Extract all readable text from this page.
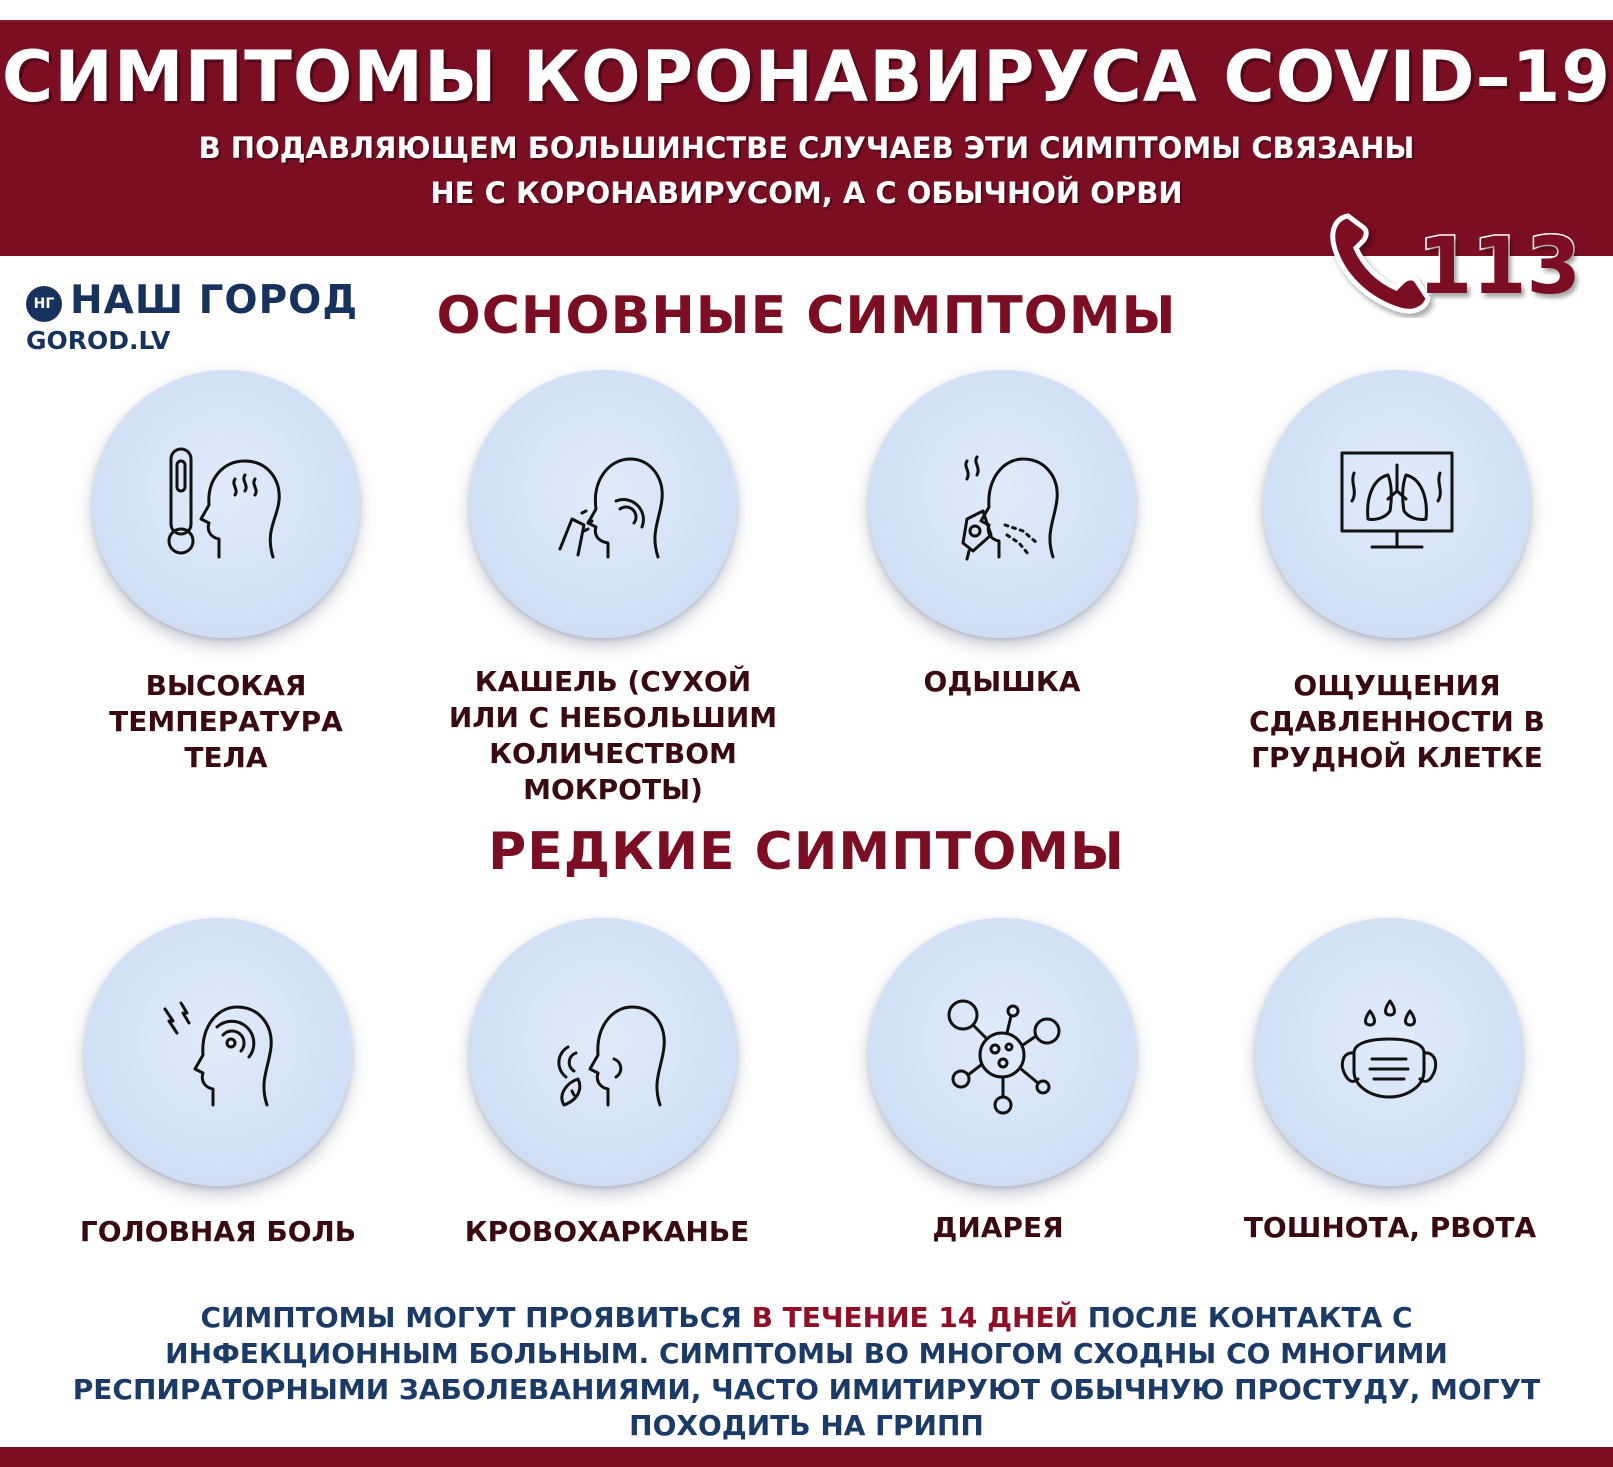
СИМПТОМЫ КОРОНАВИРУСА COVID–19
В ПОДАВЛЯЮЩЕМ БОЛЬШИНСТВЕ СЛУЧАЕВ ЭТИ СИМПТОМЫ СВЯЗАНЫ
НЕ С КОРОНАВИРУСОМ, А С ОБЫЧНОЙ ОРВИ
113
НГ НАШ ГОРОД
GOROD.LV	ОСНОВНЫЕ СИМПТОМЫ
ВЫСОКАЯ
ТЕМПЕРАТУРА
ТЕЛА
КАШЕЛЬ (СУХОЙ
ИЛИ С НЕБОЛЬШИМ
КОЛИЧЕСТВОМ МОКРОТЫ)
ОДЫШКА	ОЩУЩЕНИЯ
СДАВЛЕННОСТИ В
ГРУДНОЙ КЛЕТКЕ
РЕДКИЕ СИМПТОМЫ
ГОЛОВНАЯ БОЛЬ	КРОВОХАРКАНЬЕ	ДИАРЕЯ	ТОШНОТА, РВОТА
СИМПТОМЫ МОГУТ ПРОЯВИТЬСЯ В ТЕЧЕНИЕ 14 ДНЕЙ ПОСЛЕ КОНТАКТА С ИНФЕКЦИОННЫМ БОЛЬНЫМ. СИМПТОМЫ ВО МНОГОМ СХОДНЫ СО МНОГИМИ РЕСПИРАТОРНЫМИ ЗАБОЛЕВАНИЯМИ, ЧАСТО ИМИТИРУЮТ ОБЫЧНУЮ ПРОСТУДУ, МОГУТ ПОХОДИТЬ НА ГРИПП
